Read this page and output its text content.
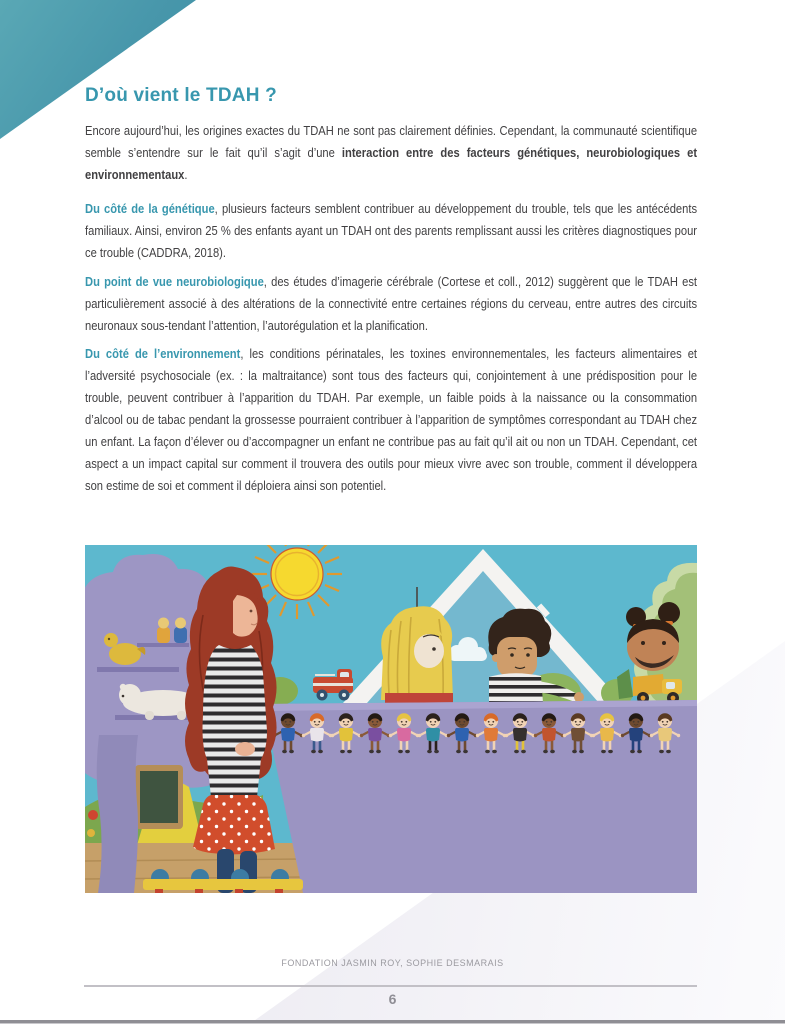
D’où vient le TDAH ?

Encore aujourd’hui, les origines exactes du TDAH ne sont pas clairement définies. Cependant, la communauté scientifique semble s’entendre sur le fait qu’il s’agit d’une interaction entre des facteurs génétiques, neurobiologiques et environnementaux.

Du côté de la génétique, plusieurs facteurs semblent contribuer au développement du trouble, tels que les antécédents familiaux. Ainsi, environ 25 % des enfants ayant un TDAH ont des parents remplissant aussi les critères diagnostiques pour ce trouble (CADDRA, 2018).

Du point de vue neurobiologique, des études d’imagerie cérébrale (Cortese et coll., 2012) suggèrent que le TDAH est particulièrement associé à des altérations de la connectivité entre certaines régions du cerveau, entre autres des circuits neuronaux sous-tendant l’attention, l’autorégulation et la planification.

Du côté de l’environnement, les conditions périnatales, les toxines environnementales, les facteurs alimentaires et l’adversité psychosociale (ex. : la maltraitance) sont tous des facteurs qui, conjointement à une prédisposition pour le trouble, peuvent contribuer à l’apparition du TDAH. Par exemple, un faible poids à la naissance ou la consommation d’alcool ou de tabac pendant la grossesse pourraient contribuer à l’apparition de symptômes correspondant au TDAH chez un enfant. La façon d’élever ou d’accompagner un enfant ne contribue pas au fait qu’il ait ou non un TDAH. Cependant, cet aspect a un impact capital sur comment il trouvera des outils pour mieux vivre avec son trouble, comment il développera son estime de soi et comment il déploiera ainsi son potentiel.

FONDATION JASMIN ROY, SOPHIE DESMARAIS
6
